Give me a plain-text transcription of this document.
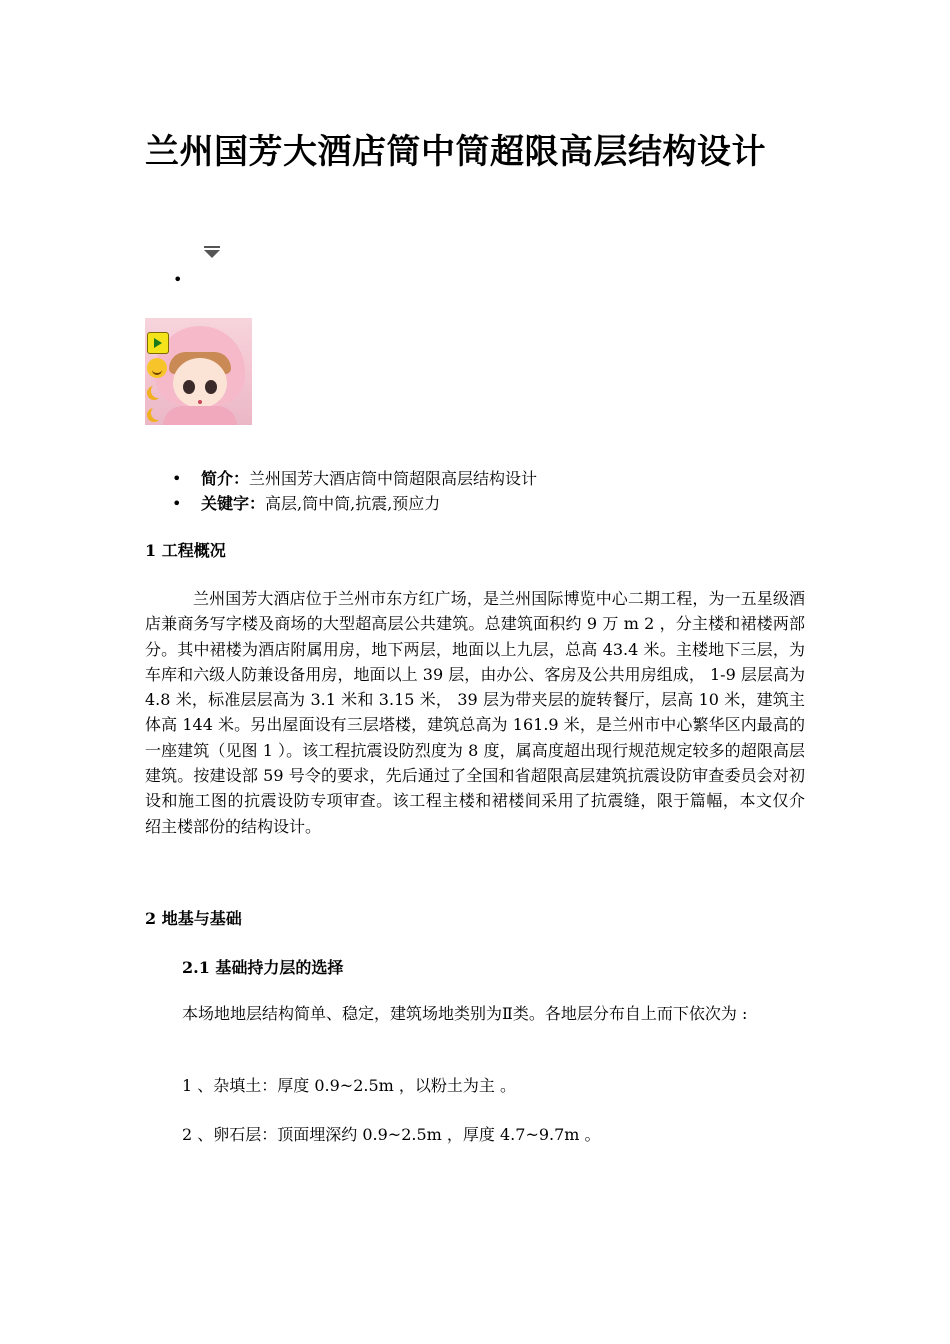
兰州国芳大酒店筒中筒超限高层结构设计
•
• 简介：兰州国芳大酒店筒中筒超限高层结构设计
• 关键字：高层,筒中筒,抗震,预应力
1 工程概况

兰州国芳大酒店位于兰州市东方红广场，是兰州国际博览中心二期工程，为一五星级酒店兼商务写字楼及商场的大型超高层公共建筑。总建筑面积约 9 万 m 2 ，分主楼和裙楼两部分。其中裙楼为酒店附属用房，地下两层，地面以上九层，总高 43.4 米。主楼地下三层，为车库和六级人防兼设备用房，地面以上 39 层，由办公、客房及公共用房组成， 1-9 层层高为 4.8 米，标准层层高为 3.1 米和 3.15 米， 39 层为带夹层的旋转餐厅，层高 10 米，建筑主体高 144 米。另出屋面设有三层塔楼，建筑总高为 161.9 米，是兰州市中心繁华区内最高的一座建筑（见图 1 ）。该工程抗震设防烈度为 8 度，属高度超出现行规范规定较多的超限高层建筑。按建设部 59 号令的要求，先后通过了全国和省超限高层建筑抗震设防审查委员会对初设和施工图的抗震设防专项审查。该工程主楼和裙楼间采用了抗震缝，限于篇幅，本文仅介 绍主楼部份的结构设计。

2 地基与基础
2.1 基础持力层的选择

本场地地层结构简单、稳定，建筑场地类别为Ⅱ类。各地层分布自上而下依次为 :

1 、杂填土：厚度 0.9~2.5m ，以粉土为主 。

2 、卵石层：顶面埋深约 0.9~2.5m ，厚度 4.7~9.7m 。
